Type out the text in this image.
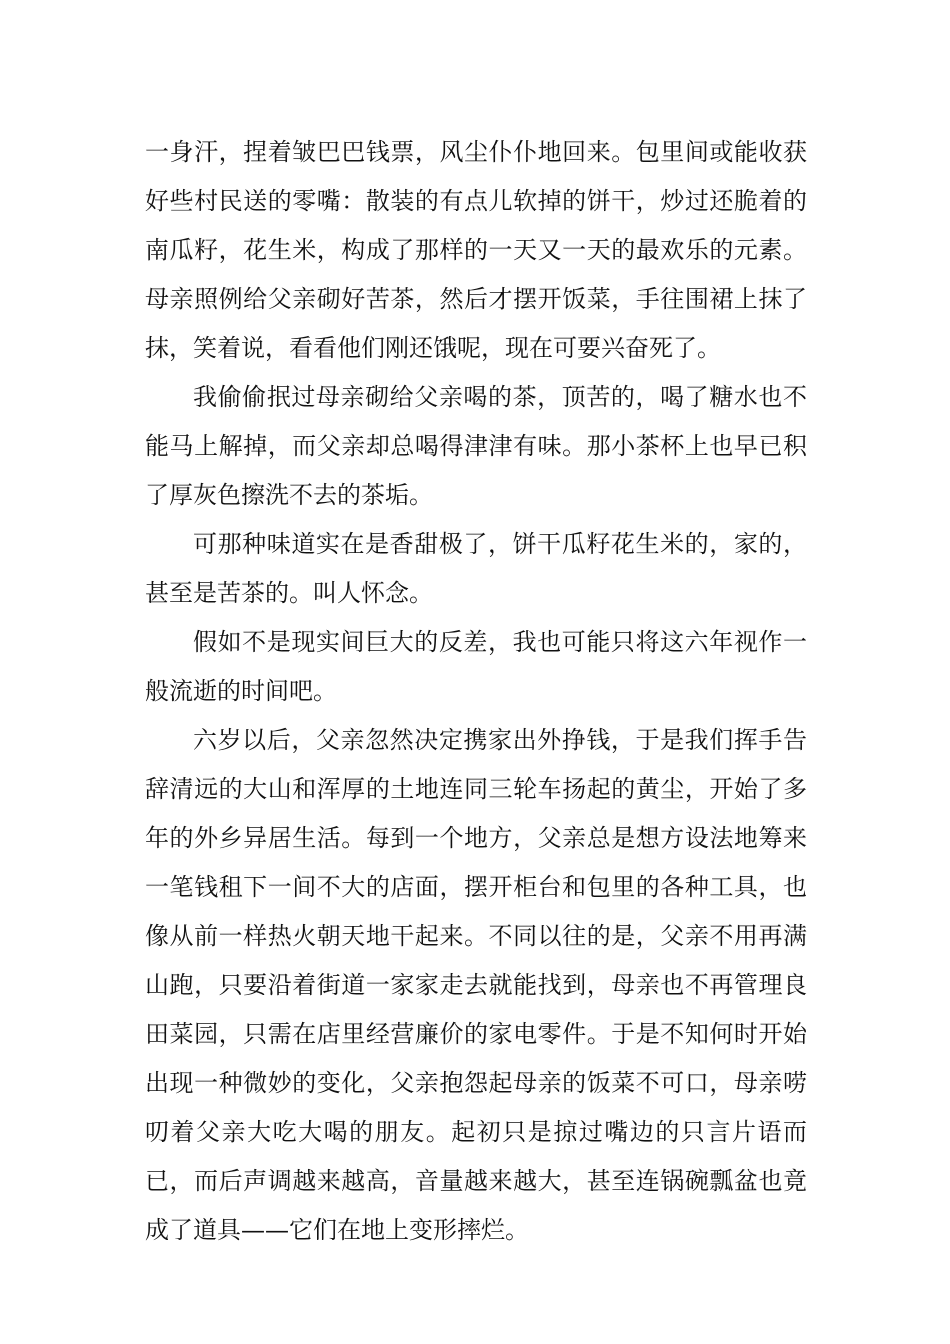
一身汗，捏着皱巴巴钱票，风尘仆仆地回来。包里间或能收获好些村民送的零嘴：散装的有点儿软掉的饼干，炒过还脆着的南瓜籽，花生米，构成了那样的一天又一天的最欢乐的元素。母亲照例给父亲砌好苦茶，然后才摆开饭菜，手往围裙上抹了抹，笑着说，看看他们刚还饿呢，现在可要兴奋死了。

我偷偷抿过母亲砌给父亲喝的茶，顶苦的，喝了糖水也不能马上解掉，而父亲却总喝得津津有味。那小茶杯上也早已积了厚灰色擦洗不去的茶垢。

可那种味道实在是香甜极了，饼干瓜籽花生米的，家的，甚至是苦茶的。叫人怀念。

假如不是现实间巨大的反差，我也可能只将这六年视作一般流逝的时间吧。

六岁以后，父亲忽然决定携家出外挣钱，于是我们挥手告辞清远的大山和浑厚的土地连同三轮车扬起的黄尘，开始了多年的外乡异居生活。每到一个地方，父亲总是想方设法地筹来一笔钱租下一间不大的店面，摆开柜台和包里的各种工具，也像从前一样热火朝天地干起来。不同以往的是，父亲不用再满山跑，只要沿着街道一家家走去就能找到，母亲也不再管理良田菜园，只需在店里经营廉价的家电零件。于是不知何时开始出现一种微妙的变化，父亲抱怨起母亲的饭菜不可口，母亲唠叨着父亲大吃大喝的朋友。起初只是掠过嘴边的只言片语而已，而后声调越来越高，音量越来越大，甚至连锅碗瓢盆也竟成了道具——它们在地上变形摔烂。
